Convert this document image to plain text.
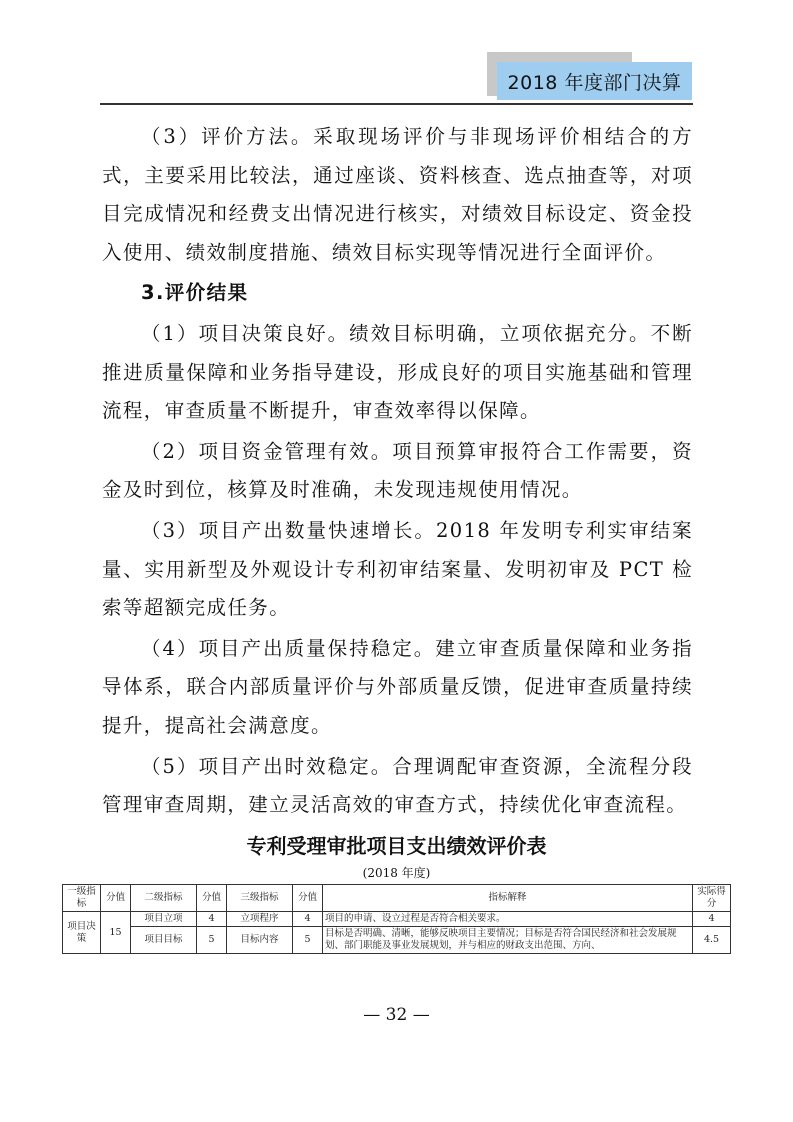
2018 年度部门决算

（3）评价方法。采取现场评价与非现场评价相结合的方式，主要采用比较法，通过座谈、资料核查、选点抽查等，对项目完成情况和经费支出情况进行核实，对绩效目标设定、资金投入使用、绩效制度措施、绩效目标实现等情况进行全面评价。

3.评价结果

（1）项目决策良好。绩效目标明确，立项依据充分。不断推进质量保障和业务指导建设，形成良好的项目实施基础和管理流程，审查质量不断提升，审查效率得以保障。

（2）项目资金管理有效。项目预算审报符合工作需要，资金及时到位，核算及时准确，未发现违规使用情况。

（3）项目产出数量快速增长。2018 年发明专利实审结案量、实用新型及外观设计专利初审结案量、发明初审及 PCT 检索等超额完成任务。

（4）项目产出质量保持稳定。建立审查质量保障和业务指导体系，联合内部质量评价与外部质量反馈，促进审查质量持续提升，提高社会满意度。

（5）项目产出时效稳定。合理调配审查资源，全流程分段管理审查周期，建立灵活高效的审查方式，持续优化审查流程。

专利受理审批项目支出绩效评价表
(2018 年度)
一级指标	分值	二级指标	分值	三级指标	分值	指标解释	实际得分
项目决策	15	项目立项	4	立项程序	4	项目的申请、设立过程是否符合相关要求。	4
		项目目标	5	目标内容	5	目标是否明确、清晰，能够反映项目主要情况；目标是否符合国民经济和社会发展规划、部门职能及事业发展规划，并与相应的财政支出范围、方向、	4.5
— 32 —
